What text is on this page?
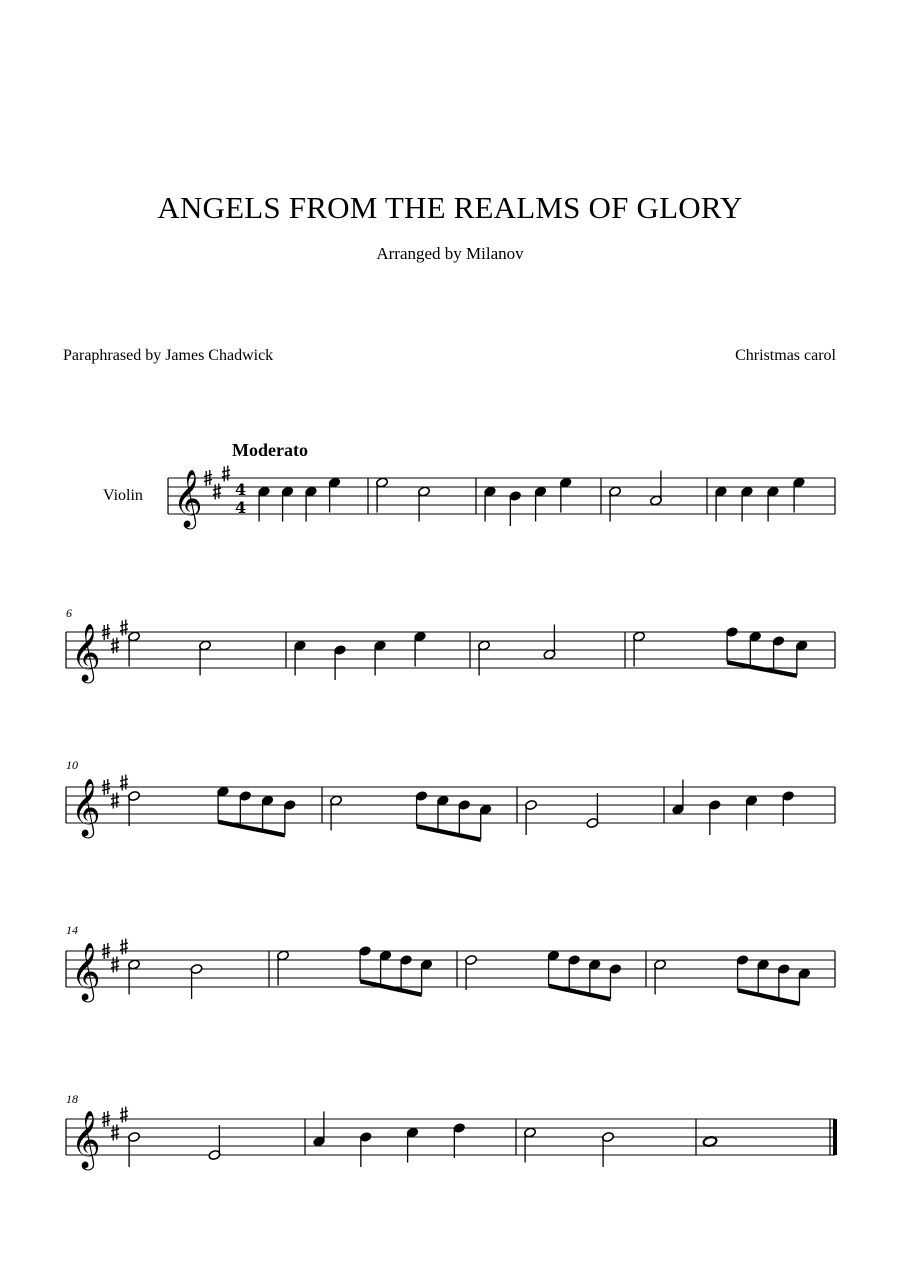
ANGELS FROM THE REALMS OF GLORY
Arranged by Milanov
Paraphrased by James Chadwick	Christmas carol
Moderato
Violin
6
10
14
18
𝄞 4
4
𝄞
𝄞
𝄞
𝄞
